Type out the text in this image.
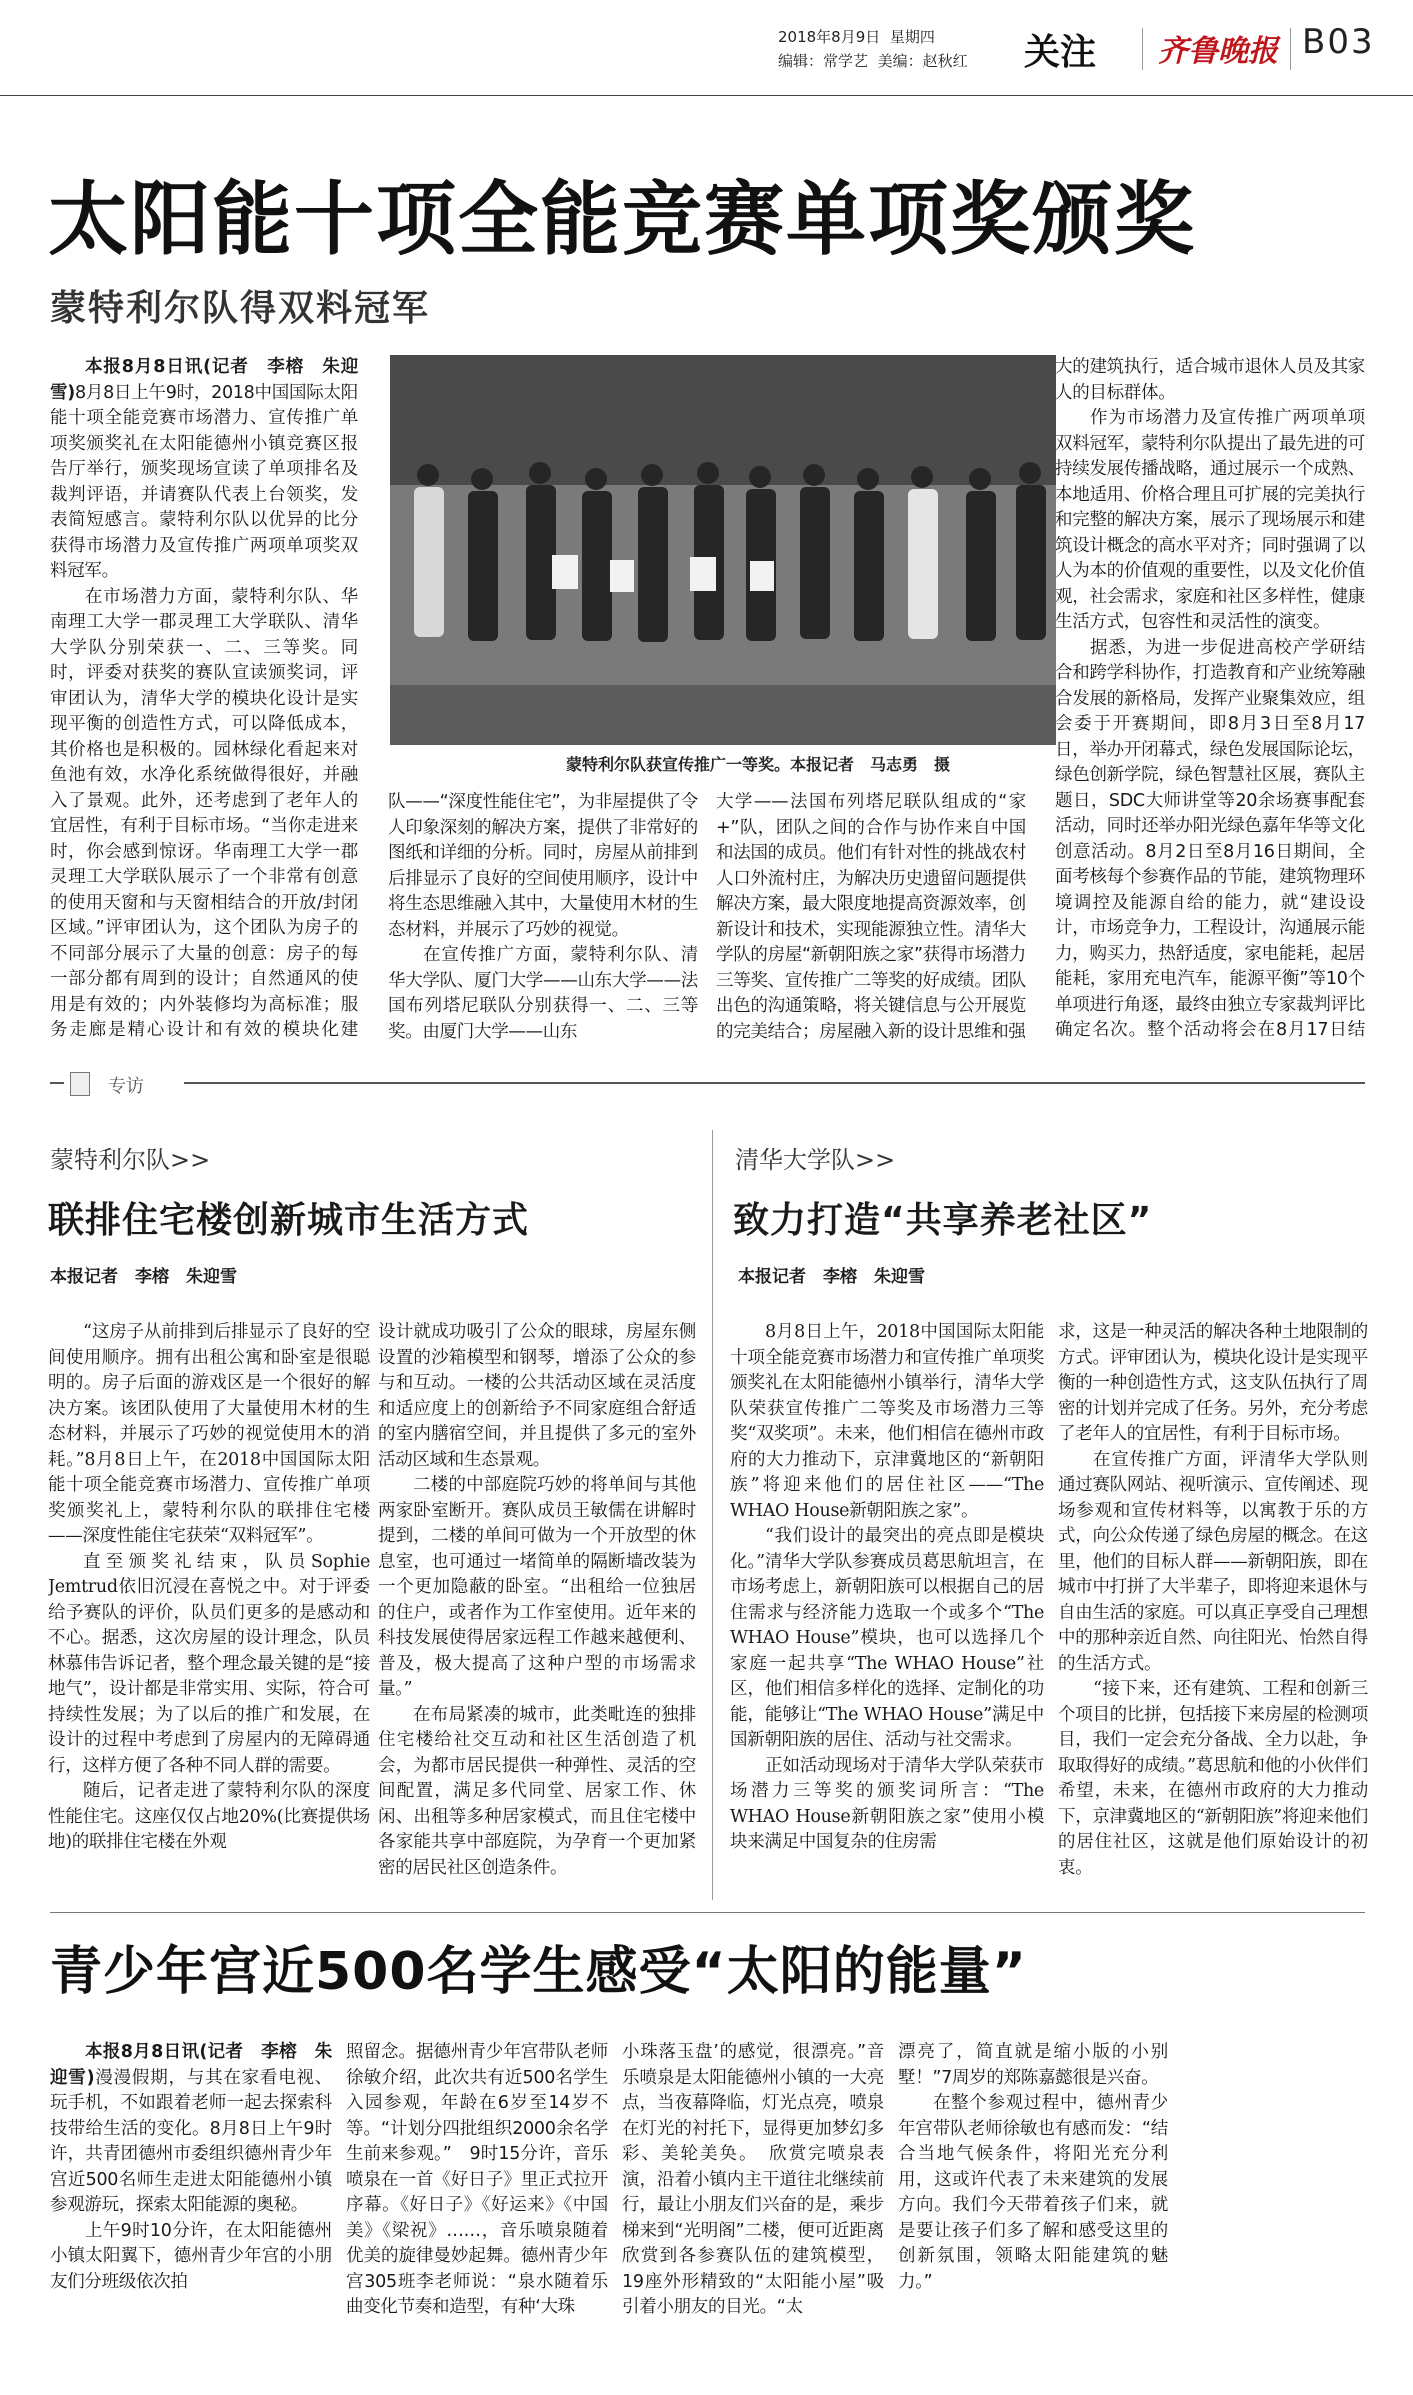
2018年8月9日 星期四
编辑：常学艺 美编：赵秋红 关注 齐鲁晚报 B03
太阳能十项全能竞赛单项奖颁奖
蒙特利尔队得双料冠军

本报8月8日讯(记者　李榕　朱迎雪)8月8日上午9时，2018中国国际太阳能十项全能竞赛市场潜力、宣传推广单项奖颁奖礼在太阳能德州小镇竞赛区报告厅举行，颁奖现场宣读了单项排名及裁判评语，并请赛队代表上台领奖，发表简短感言。蒙特利尔队以优异的比分获得市场潜力及宣传推广两项单项奖双料冠军。

在市场潜力方面，蒙特利尔队、华南理工大学一郡灵理工大学联队、清华大学队分别荣获一、二、三等奖。同时，评委对获奖的赛队宣读颁奖词，评审团认为，清华大学的模块化设计是实现平衡的创造性方式，可以降低成本，其价格也是积极的。园林绿化看起来对鱼池有效，水净化系统做得很好，并融入了景观。此外，还考虑到了老年人的宜居性，有利于目标市场。“当你走进来时，你会感到惊讶。华南理工大学一郡灵理工大学联队展示了一个非常有创意的使用天窗和与天窗相结合的开放/封闭区域。”评审团认为，这个团队为房子的不同部分展示了大量的创意：房子的每一部分都有周到的设计；自然通风的使用是有效的；内外装修均为高标准；服务走廊是精心设计和有效的模块化建

蒙特利尔队获宣传推广一等奖。本报记者　马志勇　摄

队——“深度性能住宅”，为非屋提供了令人印象深刻的解决方案，提供了非常好的图纸和详细的分析。同时，房屋从前排到后排显示了良好的空间使用顺序，设计中将生态思维融入其中，大量使用木材的生态材料，并展示了巧妙的视觉。

在宣传推广方面，蒙特利尔队、清华大学队、厦门大学——山东大学——法国布列塔尼联队分别获得一、二、三等奖。由厦门大学——山东

大学——法国布列塔尼联队组成的“家+”队，团队之间的合作与协作来自中国和法国的成员。他们有针对性的挑战农村人口外流村庄，为解决历史遗留问题提供解决方案，最大限度地提高资源效率，创新设计和技术，实现能源独立性。清华大学队的房屋“新朝阳族之家”获得市场潜力三等奖、宣传推广二等奖的好成绩。团队出色的沟通策略，将关键信息与公开展览的完美结合；房屋融入新的设计思维和强

大的建筑执行，适合城市退休人员及其家人的目标群体。

作为市场潜力及宣传推广两项单项双料冠军，蒙特利尔队提出了最先进的可持续发展传播战略，通过展示一个成熟、本地适用、价格合理且可扩展的完美执行和完整的解决方案，展示了现场展示和建筑设计概念的高水平对齐；同时强调了以人为本的价值观的重要性，以及文化价值观，社会需求，家庭和社区多样性，健康生活方式，包容性和灵活性的演变。

据悉，为进一步促进高校产学研结合和跨学科协作，打造教育和产业统筹融合发展的新格局，发挥产业聚集效应，组会委于开赛期间，即8月3日至8月17日，举办开闭幕式，绿色发展国际论坛，绿色创新学院，绿色智慧社区展，赛队主题日，SDC大师讲堂等20余场赛事配套活动，同时还举办阳光绿色嘉年华等文化创意活动。8月2日至8月16日期间，全面考核每个参赛作品的节能，建筑物理环境调控及能源自给的能力，就“建设设计，市场竞争力，工程设计，沟通展示能力，购买力，热舒适度，家电能耗，起居能耗，家用充电汽车，能源平衡”等10个单项进行角逐，最终由独立专家裁判评比确定名次。整个活动将会在8月17日结

专访
蒙特利尔队>>
联排住宅楼创新城市生活方式
本报记者　李榕　朱迎雪

“这房子从前排到后排显示了良好的空间使用顺序。拥有出租公寓和卧室是很聪明的。房子后面的游戏区是一个很好的解决方案。该团队使用了大量使用木材的生态材料，并展示了巧妙的视觉使用木的消耗。”8月8日上午，在2018中国国际太阳能十项全能竞赛市场潜力、宣传推广单项奖颁奖礼上，蒙特利尔队的联排住宅楼——深度性能住宅获荣“双料冠军”。

直至颁奖礼结束，队员Sophie Jemtrud依旧沉浸在喜悦之中。对于评委给予赛队的评价，队员们更多的是感动和不心。据悉，这次房屋的设计理念，队员林慕伟告诉记者，整个理念最关键的是“接地气”，设计都是非常实用、实际，符合可持续性发展；为了以后的推广和发展，在设计的过程中考虑到了房屋内的无障碍通行，这样方便了各种不同人群的需要。

随后，记者走进了蒙特利尔队的深度性能住宅。这座仅仅占地20%(比赛提供场地)的联排住宅楼在外观

设计就成功吸引了公众的眼球，房屋东侧设置的沙箱模型和钢琴，增添了公众的参与和互动。一楼的公共活动区域在灵活度和适应度上的创新给予不同家庭组合舒适的室内膳宿空间，并且提供了多元的室外活动区域和生态景观。

二楼的中部庭院巧妙的将单间与其他两家卧室断开。赛队成员王敏儒在讲解时提到，二楼的单间可做为一个开放型的休息室，也可通过一堵简单的隔断墙改装为一个更加隐蔽的卧室。“出租给一位独居的住户，或者作为工作室使用。近年来的科技发展使得居家远程工作越来越便利、普及，极大提高了这种户型的市场需求量。”

在布局紧凑的城市，此类毗连的独排住宅楼给社交互动和社区生活创造了机会，为都市居民提供一种弹性、灵活的空间配置，满足多代同堂、居家工作、休闲、出租等多种居家模式，而且住宅楼中各家能共享中部庭院，为孕育一个更加紧密的居民社区创造条件。

清华大学队>>
致力打造“共享养老社区”
本报记者　李榕　朱迎雪

8月8日上午，2018中国国际太阳能十项全能竞赛市场潜力和宣传推广单项奖颁奖礼在太阳能德州小镇举行，清华大学队荣获宣传推广二等奖及市场潜力三等奖“双奖项”。未来，他们相信在德州市政府的大力推动下，京津冀地区的“新朝阳族”将迎来他们的居住社区——“The WHAO House新朝阳族之家”。

“我们设计的最突出的亮点即是模块化。”清华大学队参赛成员葛思航坦言，在市场考虑上，新朝阳族可以根据自己的居住需求与经济能力选取一个或多个“The WHAO House”模块，也可以选择几个家庭一起共享“The WHAO House”社区，他们相信多样化的选择、定制化的功能，能够让“The WHAO House”满足中国新朝阳族的居住、活动与社交需求。

正如活动现场对于清华大学队荣获市场潜力三等奖的颁奖词所言：“The WHAO House新朝阳族之家”使用小模块来满足中国复杂的住房需

求，这是一种灵活的解决各种土地限制的方式。评审团认为，模块化设计是实现平衡的一种创造性方式，这支队伍执行了周密的计划并完成了任务。另外，充分考虑了老年人的宜居性，有利于目标市场。

在宣传推广方面，评清华大学队则通过赛队网站、视听演示、宣传阐述、现场参观和宣传材料等，以寓教于乐的方式，向公众传递了绿色房屋的概念。在这里，他们的目标人群——新朝阳族，即在城市中打拼了大半辈子，即将迎来退休与自由生活的家庭。可以真正享受自己理想中的那种亲近自然、向往阳光、怡然自得的生活方式。

“接下来，还有建筑、工程和创新三个项目的比拼，包括接下来房屋的检测项目，我们一定会充分备战、全力以赴，争取取得好的成绩。”葛思航和他的小伙伴们希望，未来，在德州市政府的大力推动下，京津冀地区的“新朝阳族”将迎来他们的居住社区，这就是他们原始设计的初衷。

青少年宫近500名学生感受“太阳的能量”

本报8月8日讯(记者　李榕　朱迎雪)漫漫假期，与其在家看电视、玩手机，不如跟着老师一起去探索科技带给生活的变化。8月8日上午9时许，共青团德州市委组织德州青少年宫近500名师生走进太阳能德州小镇参观游玩，探索太阳能源的奥秘。

上午9时10分许，在太阳能德州小镇太阳翼下，德州青少年宫的小朋友们分班级依次拍

照留念。据德州青少年宫带队老师徐敏介绍，此次共有近500名学生入园参观，年龄在6岁至14岁不等。“计划分四批组织2000余名学生前来参观。”　9时15分许，音乐喷泉在一首《好日子》里正式拉开序幕。《好日子》《好运来》《中国美》《梁祝》……，音乐喷泉随着优美的旋律曼妙起舞。德州青少年宫305班李老师说：“泉水随着乐曲变化节奏和造型，有种‘大珠

小珠落玉盘’的感觉，很漂亮。”音乐喷泉是太阳能德州小镇的一大亮点，当夜幕降临，灯光点亮，喷泉在灯光的衬托下，显得更加梦幻多彩、美轮美奂。　欣赏完喷泉表演，沿着小镇内主干道往北继续前行，最让小朋友们兴奋的是，乘步梯来到“光明阁”二楼，便可近距离欣赏到各参赛队伍的建筑模型，19座外形精致的“太阳能小屋”吸引着小朋友的目光。“太

漂亮了，简直就是缩小版的小别墅！”7周岁的郑陈嘉懿很是兴奋。

在整个参观过程中，德州青少年宫带队老师徐敏也有感而发：“结合当地气候条件，将阳光充分利用，这或许代表了未来建筑的发展方向。我们今天带着孩子们来，就是要让孩子们多了解和感受这里的创新氛围，领略太阳能建筑的魅力。”
